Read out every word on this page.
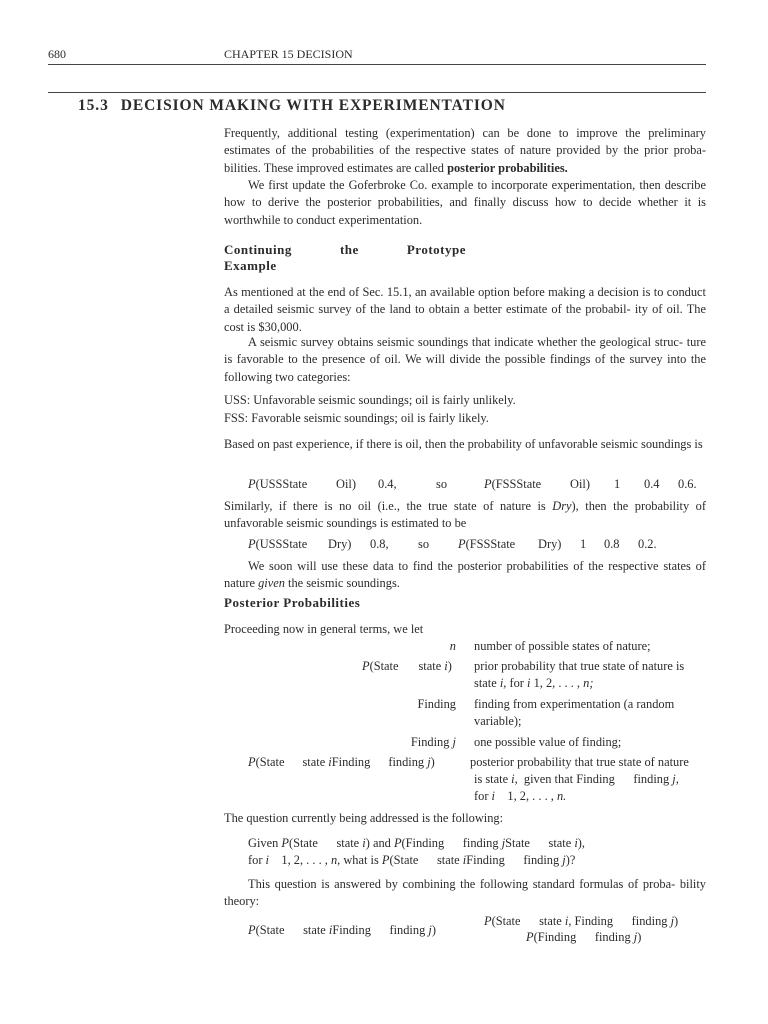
680	CHAPTER 15 DECISION
15.3 DECISION MAKING WITH EXPERIMENTATION

Frequently, additional testing (experimentation) can be done to improve the preliminary estimates of the probabilities of the respective states of nature provided by the prior proba- bilities. These improved estimates are called posterior probabilities.

We first update the Goferbroke Co. example to incorporate experimentation, then describe how to derive the posterior probabilities, and finally discuss how to decide whether it is worthwhile to conduct experimentation.

Continuing	the	Prototype
Example

As mentioned at the end of Sec. 15.1, an available option before making a decision is to conduct a detailed seismic survey of the land to obtain a better estimate of the probabil- ity of oil. The cost is $30,000.

A seismic survey obtains seismic soundings that indicate whether the geological struc- ture is favorable to the presence of oil. We will divide the possible findings of the survey into the following two categories:

USS: Unfavorable seismic soundings; oil is fairly unlikely.
FSS: Favorable seismic soundings; oil is fairly likely.

Based on past experience, if there is oil, then the probability of unfavorable seismic soundings is

P(USSState Oil) 0.4,	so	P(FSSState Oil) 1 0.4 0.6.

Similarly, if there is no oil (i.e., the true state of nature is Dry), then the probability of unfavorable seismic soundings is estimated to be

P(USSState Dry) 0.8, so P(FSSState Dry) 1 0.8 0.2.

We soon will use these data to find the posterior probabilities of the respective states of nature given the seismic soundings.

Posterior Probabilities

Proceeding now in general terms, we let

n number of possible states of nature;
P(State state i) prior probability that true state of nature is
state i, for i 1, 2, . . . , n;
Finding finding from experimentation (a random
variable);
Finding j one possible value of finding;
P(State state iFinding finding j)	posterior probability that true state of nature
is state i,  given that Finding      finding j,
for i    1, 2, . . . , n.

The question currently being addressed is the following:

Given P(State      state i) and P(Finding      finding jState      state i),
for i    1, 2, . . . , n, what is P(State      state iFinding      finding j)?

This question is answered by combining the following standard formulas of proba- bility theory:

P(State      state iFinding      finding j)
P(State      state i, Finding      finding j)
P(Finding      finding j)
